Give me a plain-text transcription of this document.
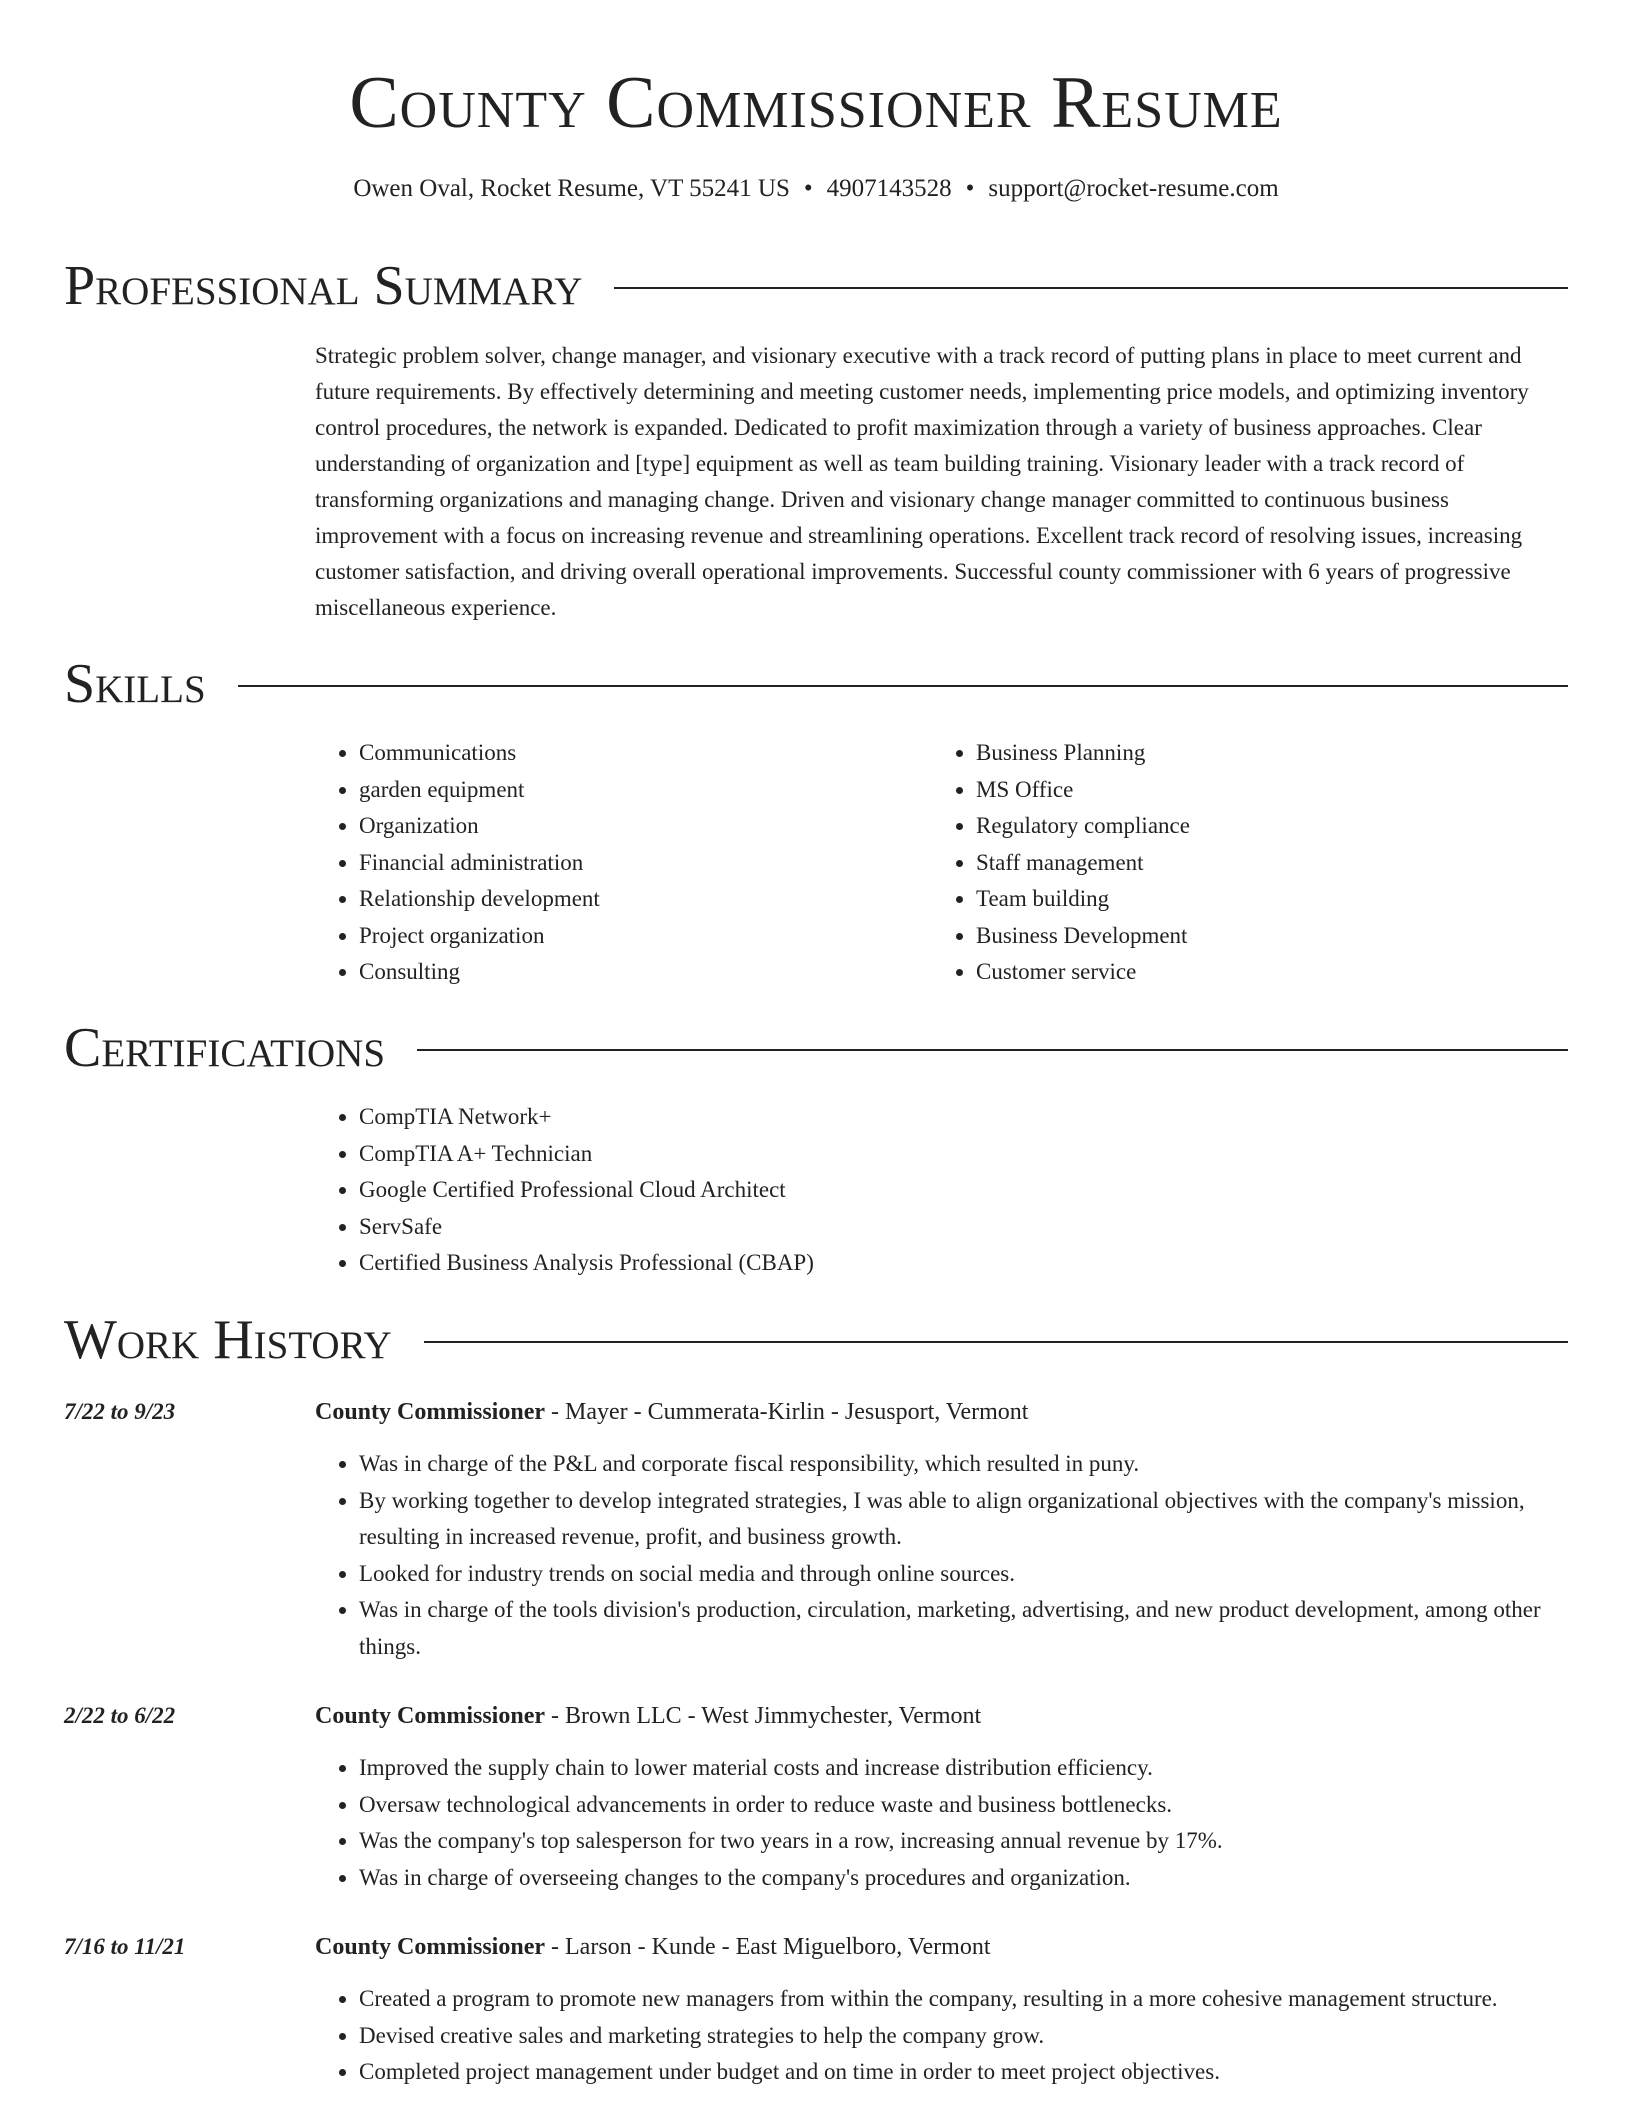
County Commissioner Resume
Owen Oval, Rocket Resume, VT 55241 US • 4907143528 • support@rocket-resume.com
Professional Summary

Strategic problem solver, change manager, and visionary executive with a track record of putting plans in place to meet current and future requirements. By effectively determining and meeting customer needs, implementing price models, and optimizing inventory control procedures, the network is expanded. Dedicated to profit maximization through a variety of business approaches. Clear understanding of organization and [type] equipment as well as team building training. Visionary leader with a track record of transforming organizations and managing change. Driven and visionary change manager committed to continuous business improvement with a focus on increasing revenue and streamlining operations. Excellent track record of resolving issues, increasing customer satisfaction, and driving overall operational improvements. Successful county commissioner with 6 years of progressive miscellaneous experience.

Skills
• Communications
• garden equipment
• Organization
• Financial administration
• Relationship development
• Project organization
• Consulting
• Business Planning
• MS Office
• Regulatory compliance
• Staff management
• Team building
• Business Development
• Customer service
Certifications
• CompTIA Network+
• CompTIA A+ Technician
• Google Certified Professional Cloud Architect
• ServSafe
• Certified Business Analysis Professional (CBAP)
Work History
7/22 to 9/23	County Commissioner - Mayer - Cummerata-Kirlin - Jesusport, Vermont
• Was in charge of the P&L and corporate fiscal responsibility, which resulted in puny.
• By working together to develop integrated strategies, I was able to align organizational objectives with the company's mission, resulting in increased revenue, profit, and business growth.
• Looked for industry trends on social media and through online sources.
• Was in charge of the tools division's production, circulation, marketing, advertising, and new product development, among other things.
2/22 to 6/22	County Commissioner - Brown LLC - West Jimmychester, Vermont
• Improved the supply chain to lower material costs and increase distribution efficiency.
• Oversaw technological advancements in order to reduce waste and business bottlenecks.
• Was the company's top salesperson for two years in a row, increasing annual revenue by 17%.
• Was in charge of overseeing changes to the company's procedures and organization.
7/16 to 11/21	County Commissioner - Larson - Kunde - East Miguelboro, Vermont
• Created a program to promote new managers from within the company, resulting in a more cohesive management structure.
• Devised creative sales and marketing strategies to help the company grow.
• Completed project management under budget and on time in order to meet project objectives.
